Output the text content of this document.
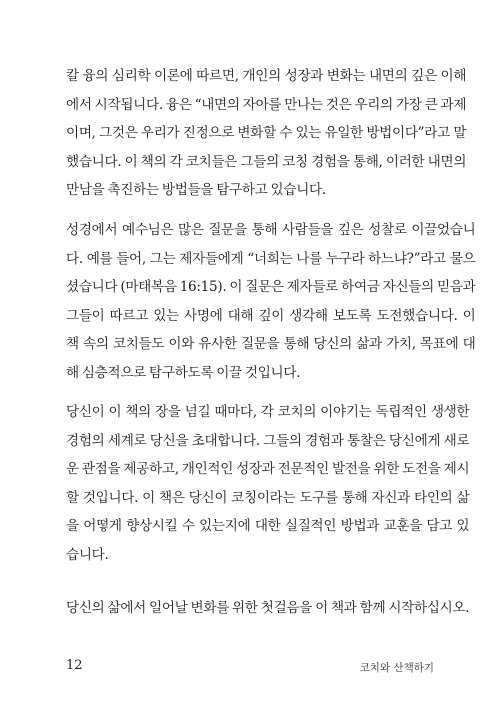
칼 융의 심리학 이론에 따르면, 개인의 성장과 변화는 내면의 깊은 이해
에서 시작됩니다. 융은 “내면의 자아를 만나는 것은 우리의 가장 큰 과제
이며, 그것은 우리가 진정으로 변화할 수 있는 유일한 방법이다”라고 말
했습니다. 이 책의 각 코치들은 그들의 코칭 경험을 통해, 이러한 내면의
만남을 촉진하는 방법들을 탐구하고 있습니다.
성경에서 예수님은 많은 질문을 통해 사람들을 깊은 성찰로 이끌었습니
다. 예를 들어, 그는 제자들에게 “너희는 나를 누구라 하느냐?”라고 물으
셨습니다 (마태복음 16:15). 이 질문은 제자들로 하여금 자신들의 믿음과
그들이 따르고 있는 사명에 대해 깊이 생각해 보도록 도전했습니다. 이
책 속의 코치들도 이와 유사한 질문을 통해 당신의 삶과 가치, 목표에 대
해 심층적으로 탐구하도록 이끌 것입니다.
당신이 이 책의 장을 넘길 때마다, 각 코치의 이야기는 독립적인 생생한
경험의 세계로 당신을 초대합니다. 그들의 경험과 통찰은 당신에게 새로
운 관점을 제공하고, 개인적인 성장과 전문적인 발전을 위한 도전을 제시
할 것입니다. 이 책은 당신이 코칭이라는 도구를 통해 자신과 타인의 삶
을 어떻게 향상시킬 수 있는지에 대한 실질적인 방법과 교훈을 담고 있
습니다.
당신의 삶에서 일어날 변화를 위한 첫걸음을 이 책과 함께 시작하십시오.
12	코치와 산책하기
